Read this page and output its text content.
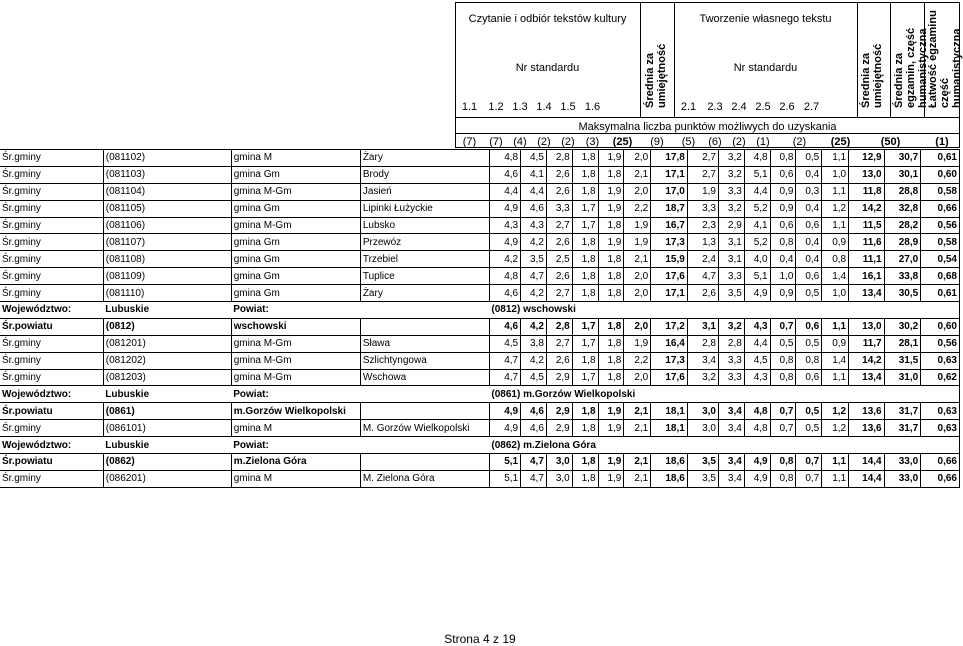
Czytanie i odbiór tekstów kultury
Nr standardu	Średnia za umiejętność
Tworzenie własnego tekstu
Nr standardu	Średnia za umiejętność Średnia za egzamin, część humanistyczna
Łatwość egzaminu część humanistyczna
Maksymalna liczba punktów możliwych do uzyskania
(7)	(7) (4) (2) (2)	(3)	(25)	(9)	(5)	(6) (2) (1)	(2)	(25)	(50)	(1)
1.1	1.2 1.3 1.4 1.5 1.6	2.1	2.3 2.4 2.5 2.6 2.7
Śr.gminy	(081102)	gmina M	Żary	4,8	4,5	2,8	1,8	1,9	2,0	17,8	2,7	3,2	4,8	0,8	0,5	1,1	12,9	30,7	0,61
Śr.gminy	(081103)	gmina Gm	Brody	4,6	4,1	2,6	1,8	1,8	2,1	17,1	2,7	3,2	5,1	0,6	0,4	1,0	13,0	30,1	0,60
Śr.gminy	(081104)	gmina M-Gm	Jasień	4,4	4,4	2,6	1,8	1,9	2,0	17,0	1,9	3,3	4,4	0,9	0,3	1,1	11,8	28,8	0,58
Śr.gminy	(081105)	gmina Gm	Lipinki Łużyckie	4,9	4,6	3,3	1,7	1,9	2,2	18,7	3,3	3,2	5,2	0,9	0,4	1,2	14,2	32,8	0,66
Śr.gminy	(081106)	gmina M-Gm	Lubsko	4,3	4,3	2,7	1,7	1,8	1,9	16,7	2,3	2,9	4,1	0,6	0,6	1,1	11,5	28,2	0,56
Śr.gminy	(081107)	gmina Gm	Przewóz	4,9	4,2	2,6	1,8	1,9	1,9	17,3	1,3	3,1	5,2	0,8	0,4	0,9	11,6	28,9	0,58
Śr.gminy	(081108)	gmina Gm	Trzebiel	4,2	3,5	2,5	1,8	1,8	2,1	15,9	2,4	3,1	4,0	0,4	0,4	0,8	11,1	27,0	0,54
Śr.gminy	(081109)	gmina Gm	Tuplice	4,8	4,7	2,6	1,8	1,8	2,0	17,6	4,7	3,3	5,1	1,0	0,6	1,4	16,1	33,8	0,68
Śr.gminy	(081110)	gmina Gm	Żary	4,6	4,2	2,7	1,8	1,8	2,0	17,1	2,6	3,5	4,9	0,9	0,5	1,0	13,4	30,5	0,61
Województwo:	Lubuskie	Powiat:		(0812) wschowski															
Śr.powiatu	(0812)	wschowski		4,6	4,2	2,8	1,7	1,8	2,0	17,2	3,1	3,2	4,3	0,7	0,6	1,1	13,0	30,2	0,60
Śr.gminy	(081201)	gmina M-Gm	Sława	4,5	3,8	2,7	1,7	1,8	1,9	16,4	2,8	2,8	4,4	0,5	0,5	0,9	11,7	28,1	0,56
Śr.gminy	(081202)	gmina M-Gm	Szlichtyngowa	4,7	4,2	2,6	1,8	1,8	2,2	17,3	3,4	3,3	4,5	0,8	0,8	1,4	14,2	31,5	0,63
Śr.gminy	(081203)	gmina M-Gm	Wschowa	4,7	4,5	2,9	1,7	1,8	2,0	17,6	3,2	3,3	4,3	0,8	0,6	1,1	13,4	31,0	0,62
Województwo:	Lubuskie	Powiat:		(0861) m.Gorzów Wielkopolski															
Śr.powiatu	(0861)	m.Gorzów Wielkopolski		4,9	4,6	2,9	1,8	1,9	2,1	18,1	3,0	3,4	4,8	0,7	0,5	1,2	13,6	31,7	0,63
Śr.gminy	(086101)	gmina M	M. Gorzów Wielkopolski	4,9	4,6	2,9	1,8	1,9	2,1	18,1	3,0	3,4	4,8	0,7	0,5	1,2	13,6	31,7	0,63
Województwo:	Lubuskie	Powiat:		(0862) m.Zielona Góra															
Śr.powiatu	(0862)	m.Zielona Góra		5,1	4,7	3,0	1,8	1,9	2,1	18,6	3,5	3,4	4,9	0,8	0,7	1,1	14,4	33,0	0,66
Śr.gminy	(086201)	gmina M	M. Zielona Góra	5,1	4,7	3,0	1,8	1,9	2,1	18,6	3,5	3,4	4,9	0,8	0,7	1,1	14,4	33,0	0,66
Strona 4 z 19
